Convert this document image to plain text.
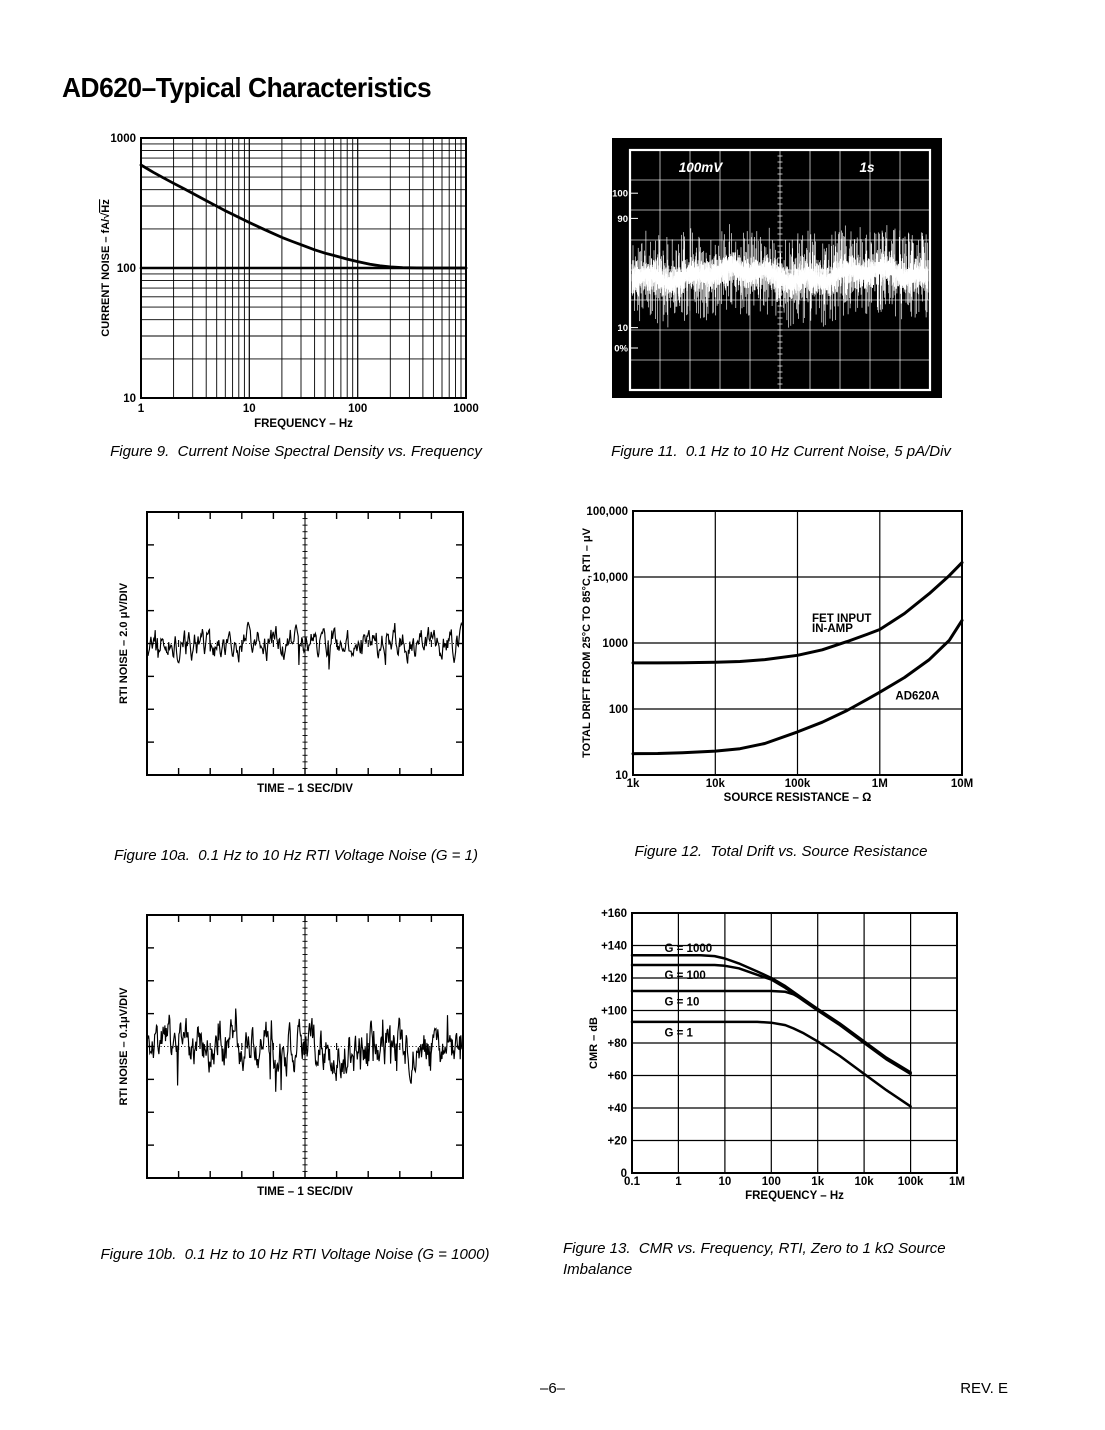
AD620–Typical Characteristics
1	10	100	1000
10
100
1000
FREQUENCY – Hz
CURRENT NOISE – fA/√Hz
100
90
10
0%
100mV	1s
Figure 9.  Current Noise Spectral Density vs. Frequency	Figure 11.  0.1 Hz to 10 Hz Current Noise, 5 pA/Div
TIME – 1 SEC/DIV
RTI NOISE – 2.0 μV/DIV
1k	10k	100k	1M	10M
10
100
1000
10,000
100,000
SOURCE RESISTANCE – Ω
TOTAL DRIFT FROM 25°C TO 85°C, RTI – μV	FET INPUT
IN-AMP
AD620A
Figure 10a.  0.1 Hz to 10 Hz RTI Voltage Noise (G = 1)	Figure 12.  Total Drift vs. Source Resistance
TIME – 1 SEC/DIV
RTI NOISE – 0.1μV/DIV
0.1	1	10	100	1k	10k 100k 1M
0
+20
+40
+60
+80
+100
+120
+140
+160
FREQUENCY – Hz
CMR – dB
G = 1000
G = 100
G = 10
G = 1
Figure 10b.  0.1 Hz to 10 Hz RTI Voltage Noise (G = 1000)	Figure 13.  CMR vs. Frequency, RTI, Zero to 1 kΩ Source Imbalance
–6–	REV. E
